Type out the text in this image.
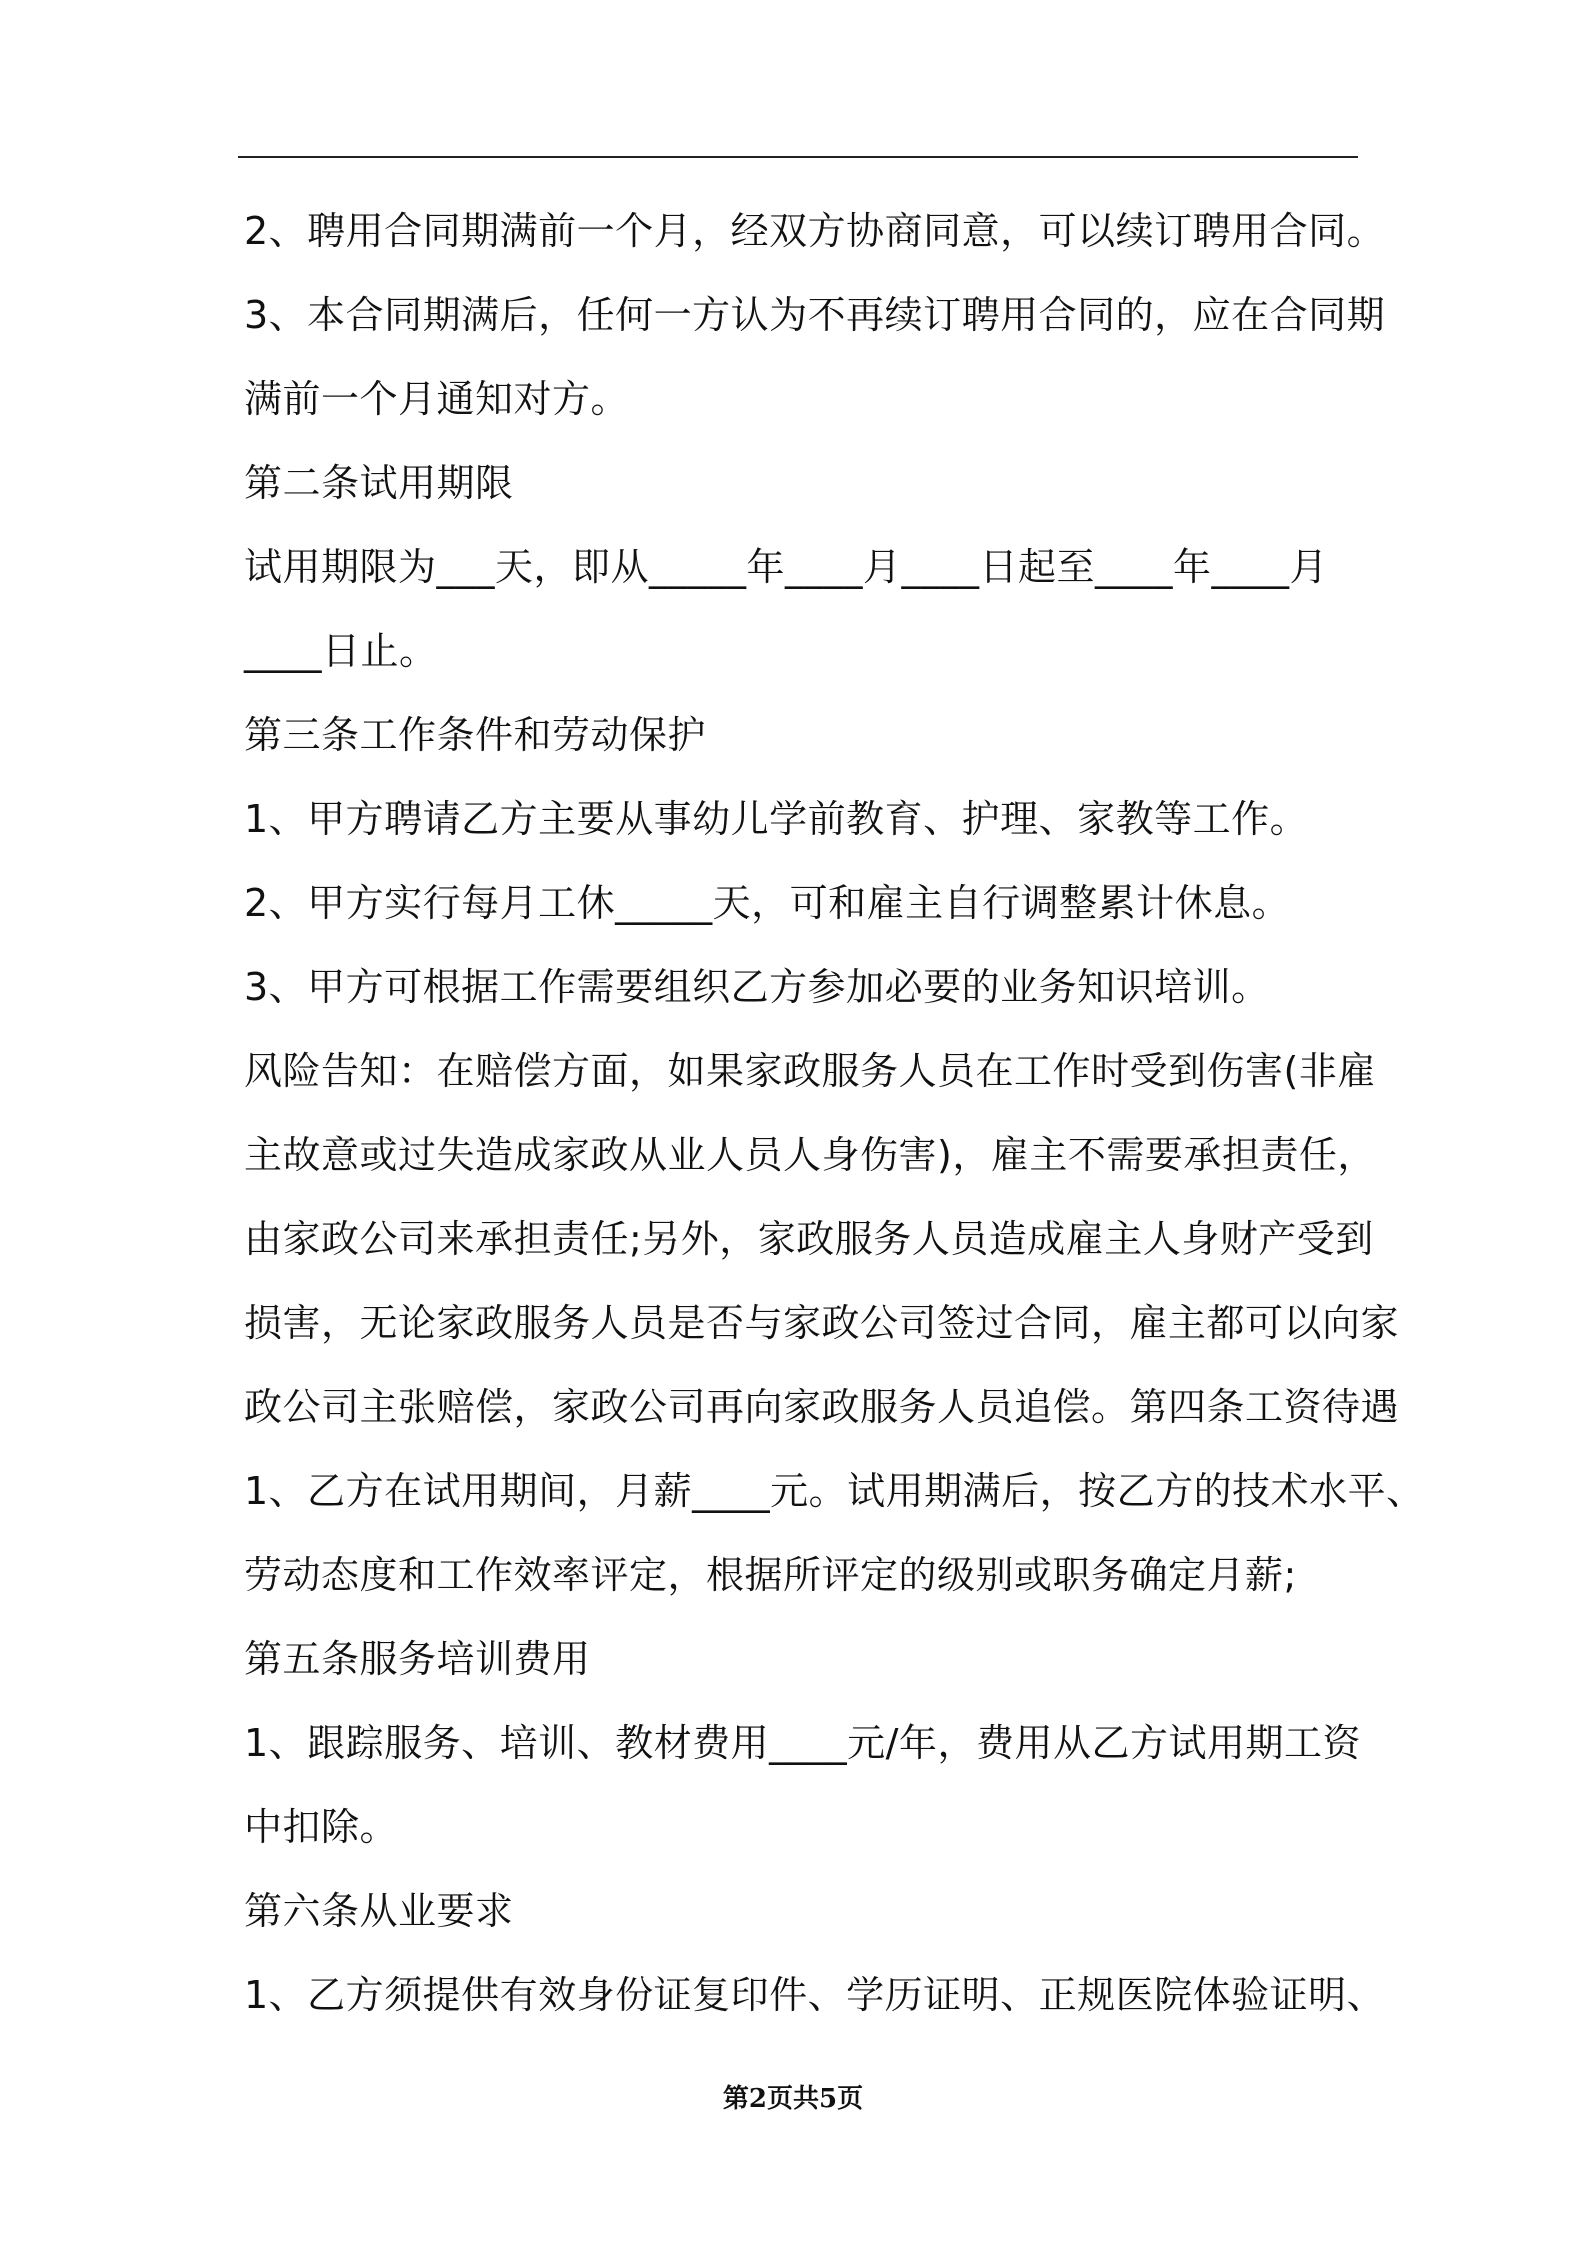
2、聘用合同期满前一个月，经双方协商同意，可以续订聘用合同。
3、本合同期满后，任何一方认为不再续订聘用合同的，应在合同期
满前一个月通知对方。
第二条试用期限
试用期限为___天，即从_____年____月____日起至____年____月
____日止。
第三条工作条件和劳动保护
1、甲方聘请乙方主要从事幼儿学前教育、护理、家教等工作。
2、甲方实行每月工休_____天，可和雇主自行调整累计休息。
3、甲方可根据工作需要组织乙方参加必要的业务知识培训。
风险告知：在赔偿方面，如果家政服务人员在工作时受到伤害(非雇
主故意或过失造成家政从业人员人身伤害)，雇主不需要承担责任，
由家政公司来承担责任;另外，家政服务人员造成雇主人身财产受到
损害，无论家政服务人员是否与家政公司签过合同，雇主都可以向家
政公司主张赔偿，家政公司再向家政服务人员追偿。第四条工资待遇
1、乙方在试用期间，月薪____元。试用期满后，按乙方的技术水平、
劳动态度和工作效率评定，根据所评定的级别或职务确定月薪;
第五条服务培训费用
1、跟踪服务、培训、教材费用____元/年，费用从乙方试用期工资
中扣除。
第六条从业要求
1、乙方须提供有效身份证复印件、学历证明、正规医院体验证明、
第2页共5页
